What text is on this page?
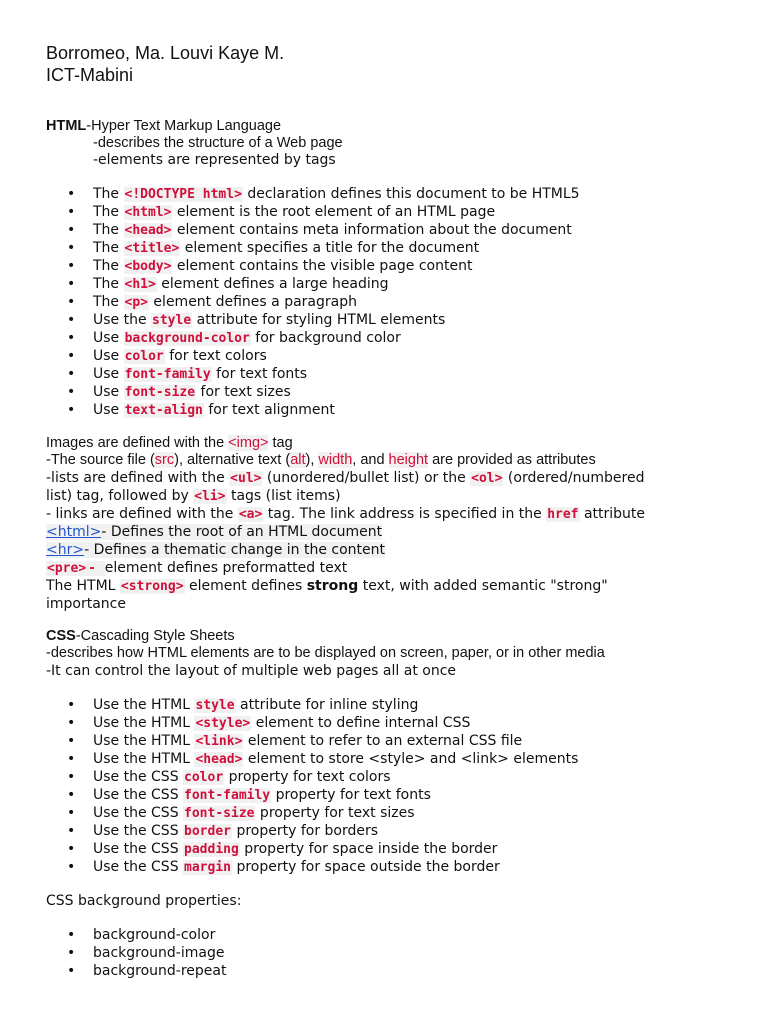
Borromeo, Ma. Louvi Kaye M.
ICT-Mabini
HTML-Hyper Text Markup Language
-describes the structure of a Web page
-elements are represented by tags
• The <!DOCTYPE html> declaration defines this document to be HTML5
• The <html> element is the root element of an HTML page
• The <head> element contains meta information about the document
• The <title> element specifies a title for the document
• The <body> element contains the visible page content
• The <h1> element defines a large heading
• The <p> element defines a paragraph
• Use the style attribute for styling HTML elements
• Use background-color for background color
• Use color for text colors
• Use font-family for text fonts
• Use font-size for text sizes
• Use text-align for text alignment
Images are defined with the <img> tag
-The source file (src), alternative text (alt), width, and height are provided as attributes
-lists are defined with the <ul> (unordered/bullet list) or the <ol> (ordered/numbered
list) tag, followed by <li> tags (list items)
- links are defined with the <a> tag. The link address is specified in the href attribute
<html>- Defines the root of an HTML document
<hr>- Defines a thematic change in the content
<pre> - element defines preformatted text
The HTML <strong> element defines strong text, with added semantic "strong"
importance
CSS-Cascading Style Sheets
-describes how HTML elements are to be displayed on screen, paper, or in other media
-It can control the layout of multiple web pages all at once
• Use the HTML style attribute for inline styling
• Use the HTML <style> element to define internal CSS
• Use the HTML <link> element to refer to an external CSS file
• Use the HTML <head> element to store <style> and <link> elements
• Use the CSS color property for text colors
• Use the CSS font-family property for text fonts
• Use the CSS font-size property for text sizes
• Use the CSS border property for borders
• Use the CSS padding property for space inside the border
• Use the CSS margin property for space outside the border
CSS background properties:
• background-color
• background-image
• background-repeat
